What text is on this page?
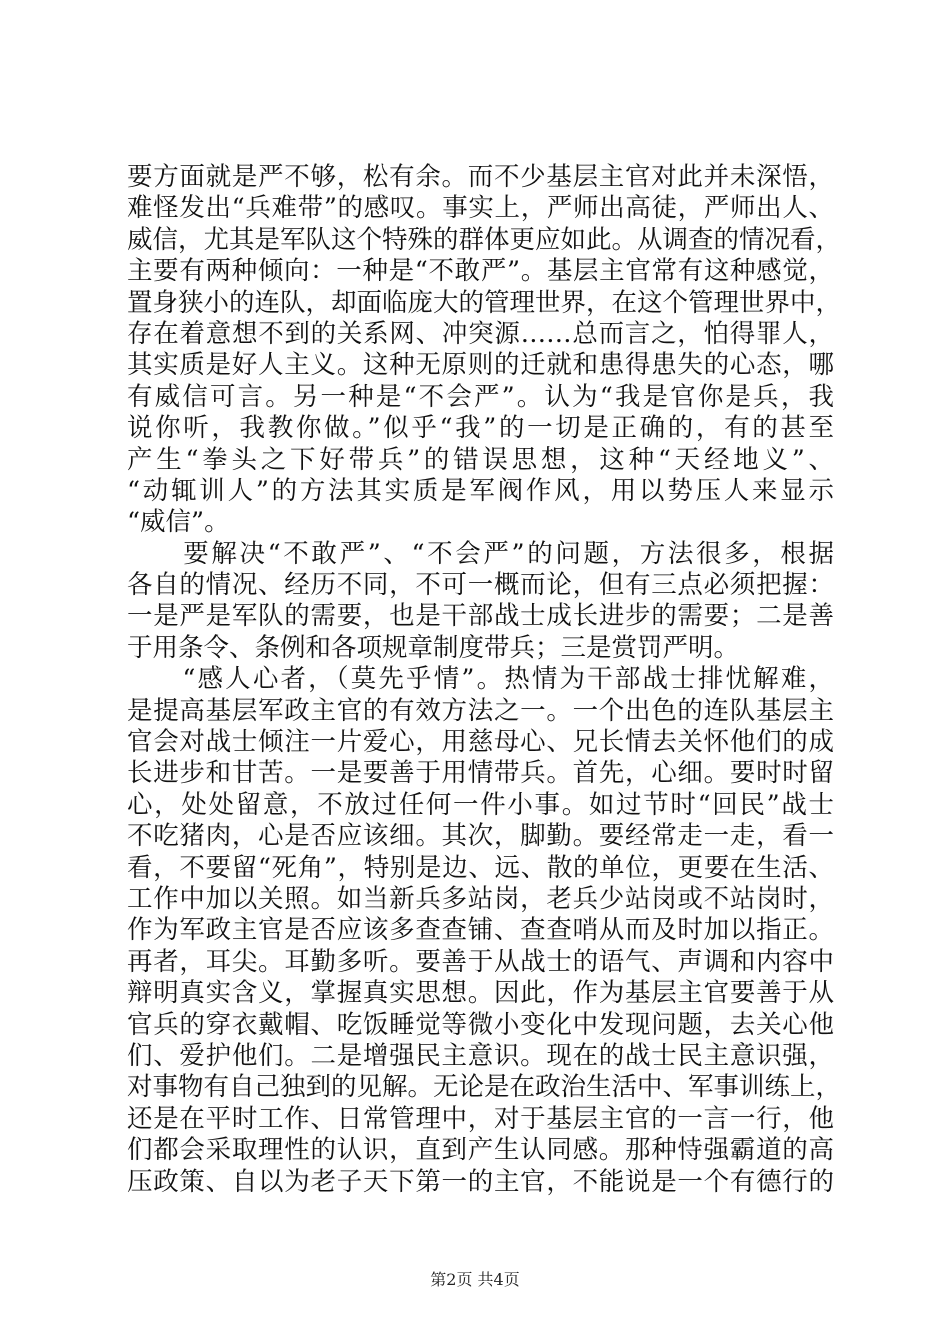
要方面就是严不够，松有余。而不少基层主官对此并未深悟，
难怪发出“兵难带”的感叹。事实上，严师出高徒，严师出人、
威信，尤其是军队这个特殊的群体更应如此。从调查的情况看，
主要有两种倾向：一种是“不敢严”。基层主官常有这种感觉，
置身狭小的连队，却面临庞大的管理世界，在这个管理世界中，
存在着意想不到的关系网、冲突源……总而言之，怕得罪人，
其实质是好人主义。这种无原则的迁就和患得患失的心态，哪
有威信可言。另一种是“不会严”。认为“我是官你是兵，我
说你听，我教你做。”似乎“我”的一切是正确的，有的甚至
产生“拳头之下好带兵”的错误思想，这种“天经地义”、
“动辄训人”的方法其实质是军阀作风，用以势压人来显示
“威信”。
　　要解决“不敢严”、“不会严”的问题，方法很多，根据
各自的情况、经历不同，不可一概而论，但有三点必须把握：
一是严是军队的需要，也是干部战士成长进步的需要；二是善
于用条令、条例和各项规章制度带兵；三是赏罚严明。
　　“感人心者，（莫先乎情”。热情为干部战士排忧解难，
是提高基层军政主官的有效方法之一。一个出色的连队基层主
官会对战士倾注一片爱心，用慈母心、兄长情去关怀他们的成
长进步和甘苦。一是要善于用情带兵。首先，心细。要时时留
心，处处留意，不放过任何一件小事。如过节时“回民”战士
不吃猪肉，心是否应该细。其次，脚勤。要经常走一走，看一
看，不要留“死角”，特别是边、远、散的单位，更要在生活、
工作中加以关照。如当新兵多站岗，老兵少站岗或不站岗时，
作为军政主官是否应该多查查铺、查查哨从而及时加以指正。
再者，耳尖。耳勤多听。要善于从战士的语气、声调和内容中
辩明真实含义，掌握真实思想。因此，作为基层主官要善于从
官兵的穿衣戴帽、吃饭睡觉等微小变化中发现问题，去关心他
们、爱护他们。二是增强民主意识。现在的战士民主意识强，
对事物有自己独到的见解。无论是在政治生活中、军事训练上，
还是在平时工作、日常管理中，对于基层主官的一言一行，他
们都会采取理性的认识，直到产生认同感。那种恃强霸道的高
压政策、自以为老子天下第一的主官，不能说是一个有德行的
第2页 共4页
